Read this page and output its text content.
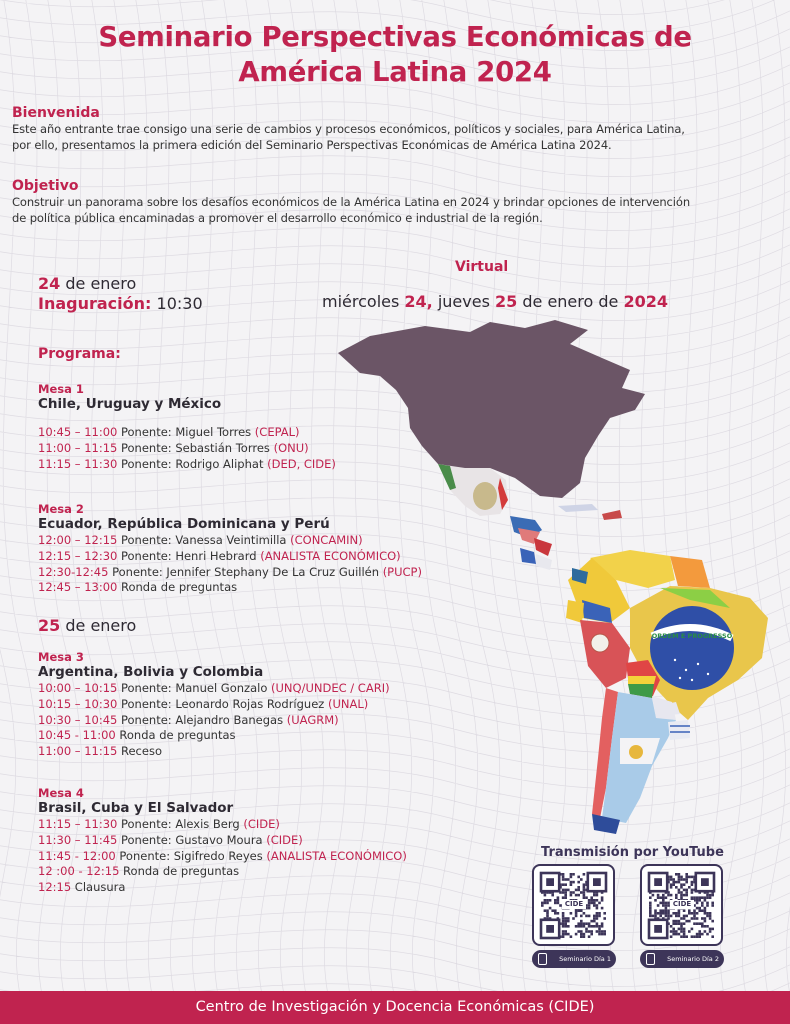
Seminario Perspectivas Económicas de
América Latina 2024
Bienvenida
Este año entrante trae consigo una serie de cambios y procesos económicos, políticos y sociales, para América Latina,
por ello, presentamos la primera edición del Seminario Perspectivas Económicas de América Latina 2024.
Objetivo
Construir un panorama sobre los desafíos económicos de la América Latina en 2024 y brindar opciones de intervención
de política pública encaminadas a promover el desarrollo económico e industrial de la región.
24 de enero
Inaguración: 10:30
Virtual
miércoles 24, jueves 25 de enero de 2024
Programa:
ORDEM E PROGRESSO
Mesa 1
Chile, Uruguay y México
10:45 – 11:00 Ponente: Miguel Torres (CEPAL)
11:00 – 11:15 Ponente: Sebastián Torres (ONU)
11:15 – 11:30 Ponente: Rodrigo Aliphat (DED, CIDE)
Mesa 2
Ecuador, República Dominicana y Perú
12:00 – 12:15 Ponente: Vanessa Veintimilla (CONCAMIN)
12:15 – 12:30 Ponente: Henri Hebrard (ANALISTA ECONÓMICO)
12:30-12:45 Ponente: Jennifer Stephany De La Cruz Guillén (PUCP)
12:45 – 13:00 Ronda de preguntas
Mesa 3
Argentina, Bolivia y Colombia
10:00 – 10:15 Ponente: Manuel Gonzalo (UNQ/UNDEC / CARI)
10:15 – 10:30 Ponente: Leonardo Rojas Rodríguez (UNAL)
10:30 – 10:45 Ponente: Alejandro Banegas (UAGRM)
10:45 - 11:00 Ronda de preguntas
11:00 – 11:15 Receso
Mesa 4
Brasil, Cuba y El Salvador
11:15 – 11:30 Ponente: Alexis Berg (CIDE)
11:30 – 11:45 Ponente: Gustavo Moura (CIDE)
11:45 - 12:00 Ponente: Sigifredo Reyes (ANALISTA ECONÓMICO)
12 :00 - 12:15 Ronda de preguntas
12:15 Clausura
25 de enero
Transmisión por YouTube
CIDE	CIDE
Seminario Día 1	Seminario Día 2
Centro de Investigación y Docencia Económicas (CIDE)
